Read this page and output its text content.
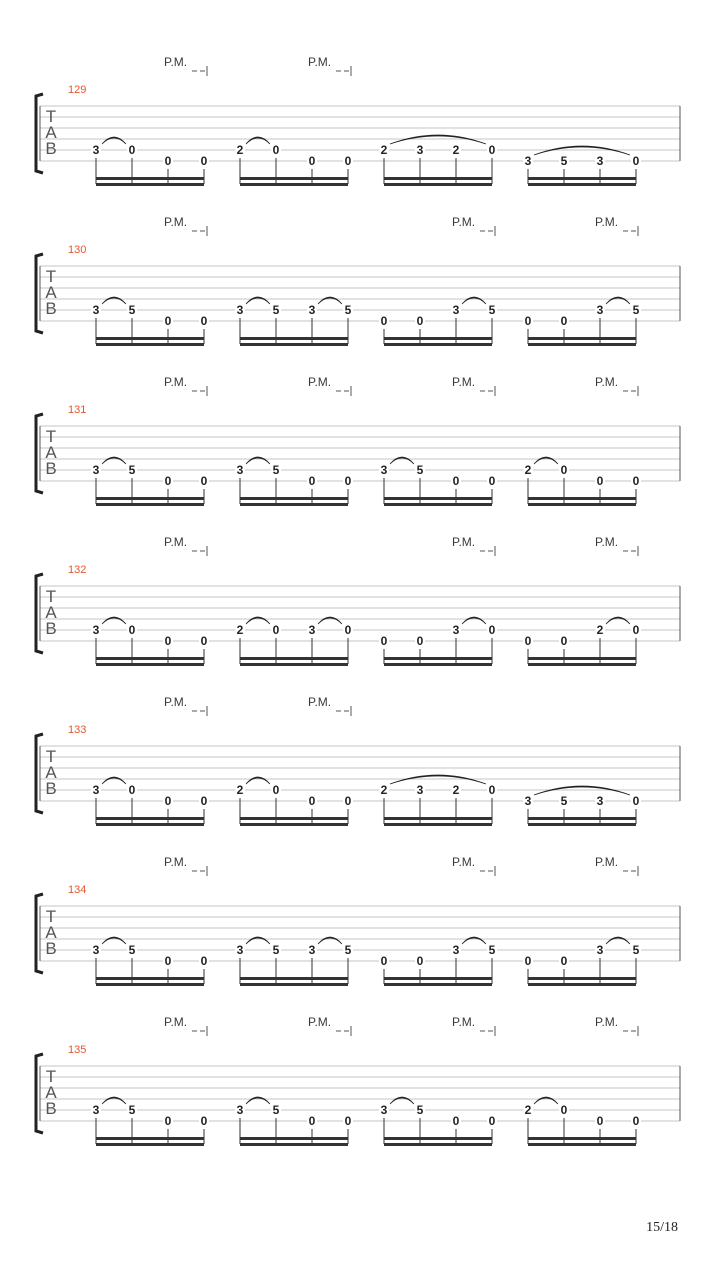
T
A
B
129
P.M.	P.M.
3 0
0 0
2 0
0 0
2 3 2 0
3 5 3 0
T
A
B
130
P.M.	P.M.	P.M.
3 5
0 0
3 5 3 5
0 0
3 5
0 0
3 5
T
A
B
131
P.M.	P.M.	P.M.	P.M.
3 5
0 0
3 5
0 0
3 5
0 0
2 0
0 0
T
A
B
132
P.M.	P.M.	P.M.
3 0
0 0
2 0 3 0
0 0
3 0
0 0
2 0
T
A
B
133
P.M.	P.M.
3 0
0 0
2 0
0 0
2 3 2 0
3 5 3 0
T
A
B
134
P.M.	P.M.	P.M.
3 5
0 0
3 5 3 5
0 0
3 5
0 0
3 5
T
A
B
135
P.M.	P.M.	P.M.	P.M.
3 5
0 0
3 5
0 0
3 5
0 0
2 0
0 0
15/18
